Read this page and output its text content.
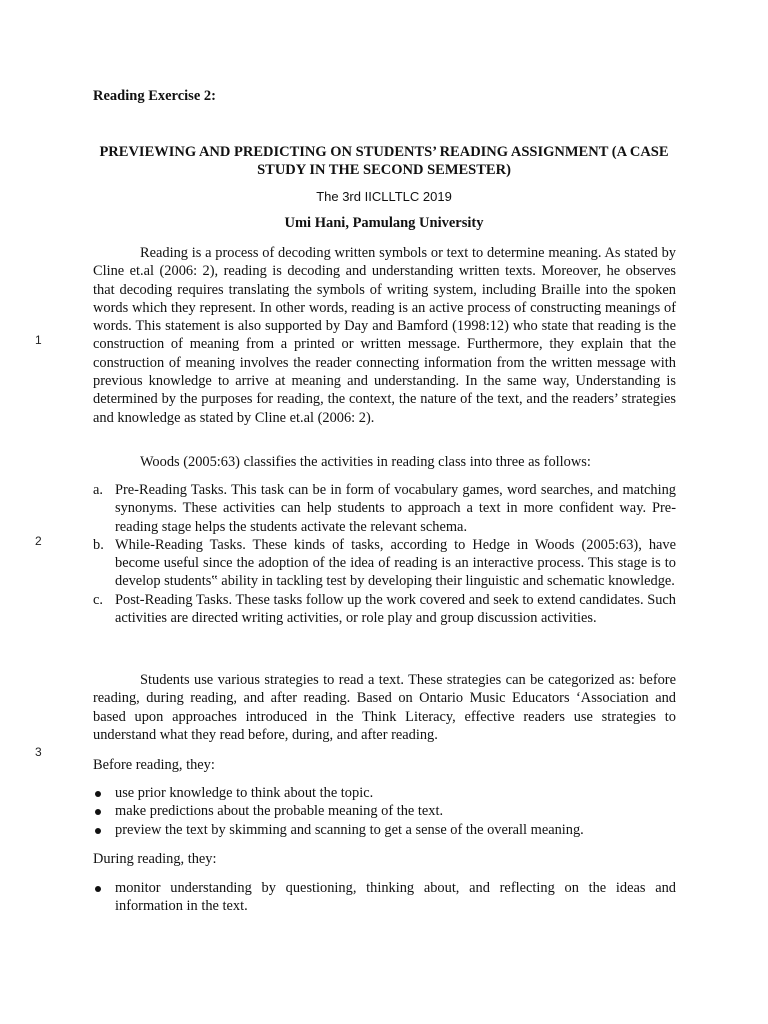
1
2
3
Reading Exercise 2:
PREVIEWING AND PREDICTING ON STUDENTS’ READING ASSIGNMENT (A CASE STUDY IN THE SECOND SEMESTER)
The 3rd IICLLTLC 2019
Umi Hani, Pamulang University
Reading is a process of decoding written symbols or text to determine meaning. As stated by Cline et.al (2006: 2), reading is decoding and understanding written texts. Moreover, he observes that decoding requires translating the symbols of writing system, including Braille into the spoken words which they represent. In other words, reading is an active process of constructing meanings of words. This statement is also supported by Day and Bamford (1998:12) who state that reading is the construction of meaning from a printed or written message. Furthermore, they explain that the construction of meaning involves the reader connecting information from the written message with previous knowledge to arrive at meaning and understanding. In the same way, Understanding is determined by the purposes for reading, the context, the nature of the text, and the readers’ strategies and knowledge as stated by Cline et.al (2006: 2).
Woods (2005:63) classifies the activities in reading class into three as follows:
a. Pre-Reading Tasks. This task can be in form of vocabulary games, word searches, and matching synonyms. These activities can help students to approach a text in more confident way. Pre-reading stage helps the students activate the relevant schema.
b. While-Reading Tasks. These kinds of tasks, according to Hedge in Woods (2005:63), have become useful since the adoption of the idea of reading is an interactive process. This stage is to develop students‟ ability in tackling test by developing their linguistic and schematic knowledge.
c. Post-Reading Tasks. These tasks follow up the work covered and seek to extend candidates. Such activities are directed writing activities, or role play and group discussion activities.
Students use various strategies to read a text. These strategies can be categorized as: before reading, during reading, and after reading. Based on Ontario Music Educators ‘Association and based upon approaches introduced in the Think Literacy, effective readers use strategies to understand what they read before, during, and after reading.
Before reading, they:
use prior knowledge to think about the topic.
make predictions about the probable meaning of the text.
preview the text by skimming and scanning to get a sense of the overall meaning.
During reading, they:
monitor understanding by questioning, thinking about, and reflecting on the ideas and information in the text.
